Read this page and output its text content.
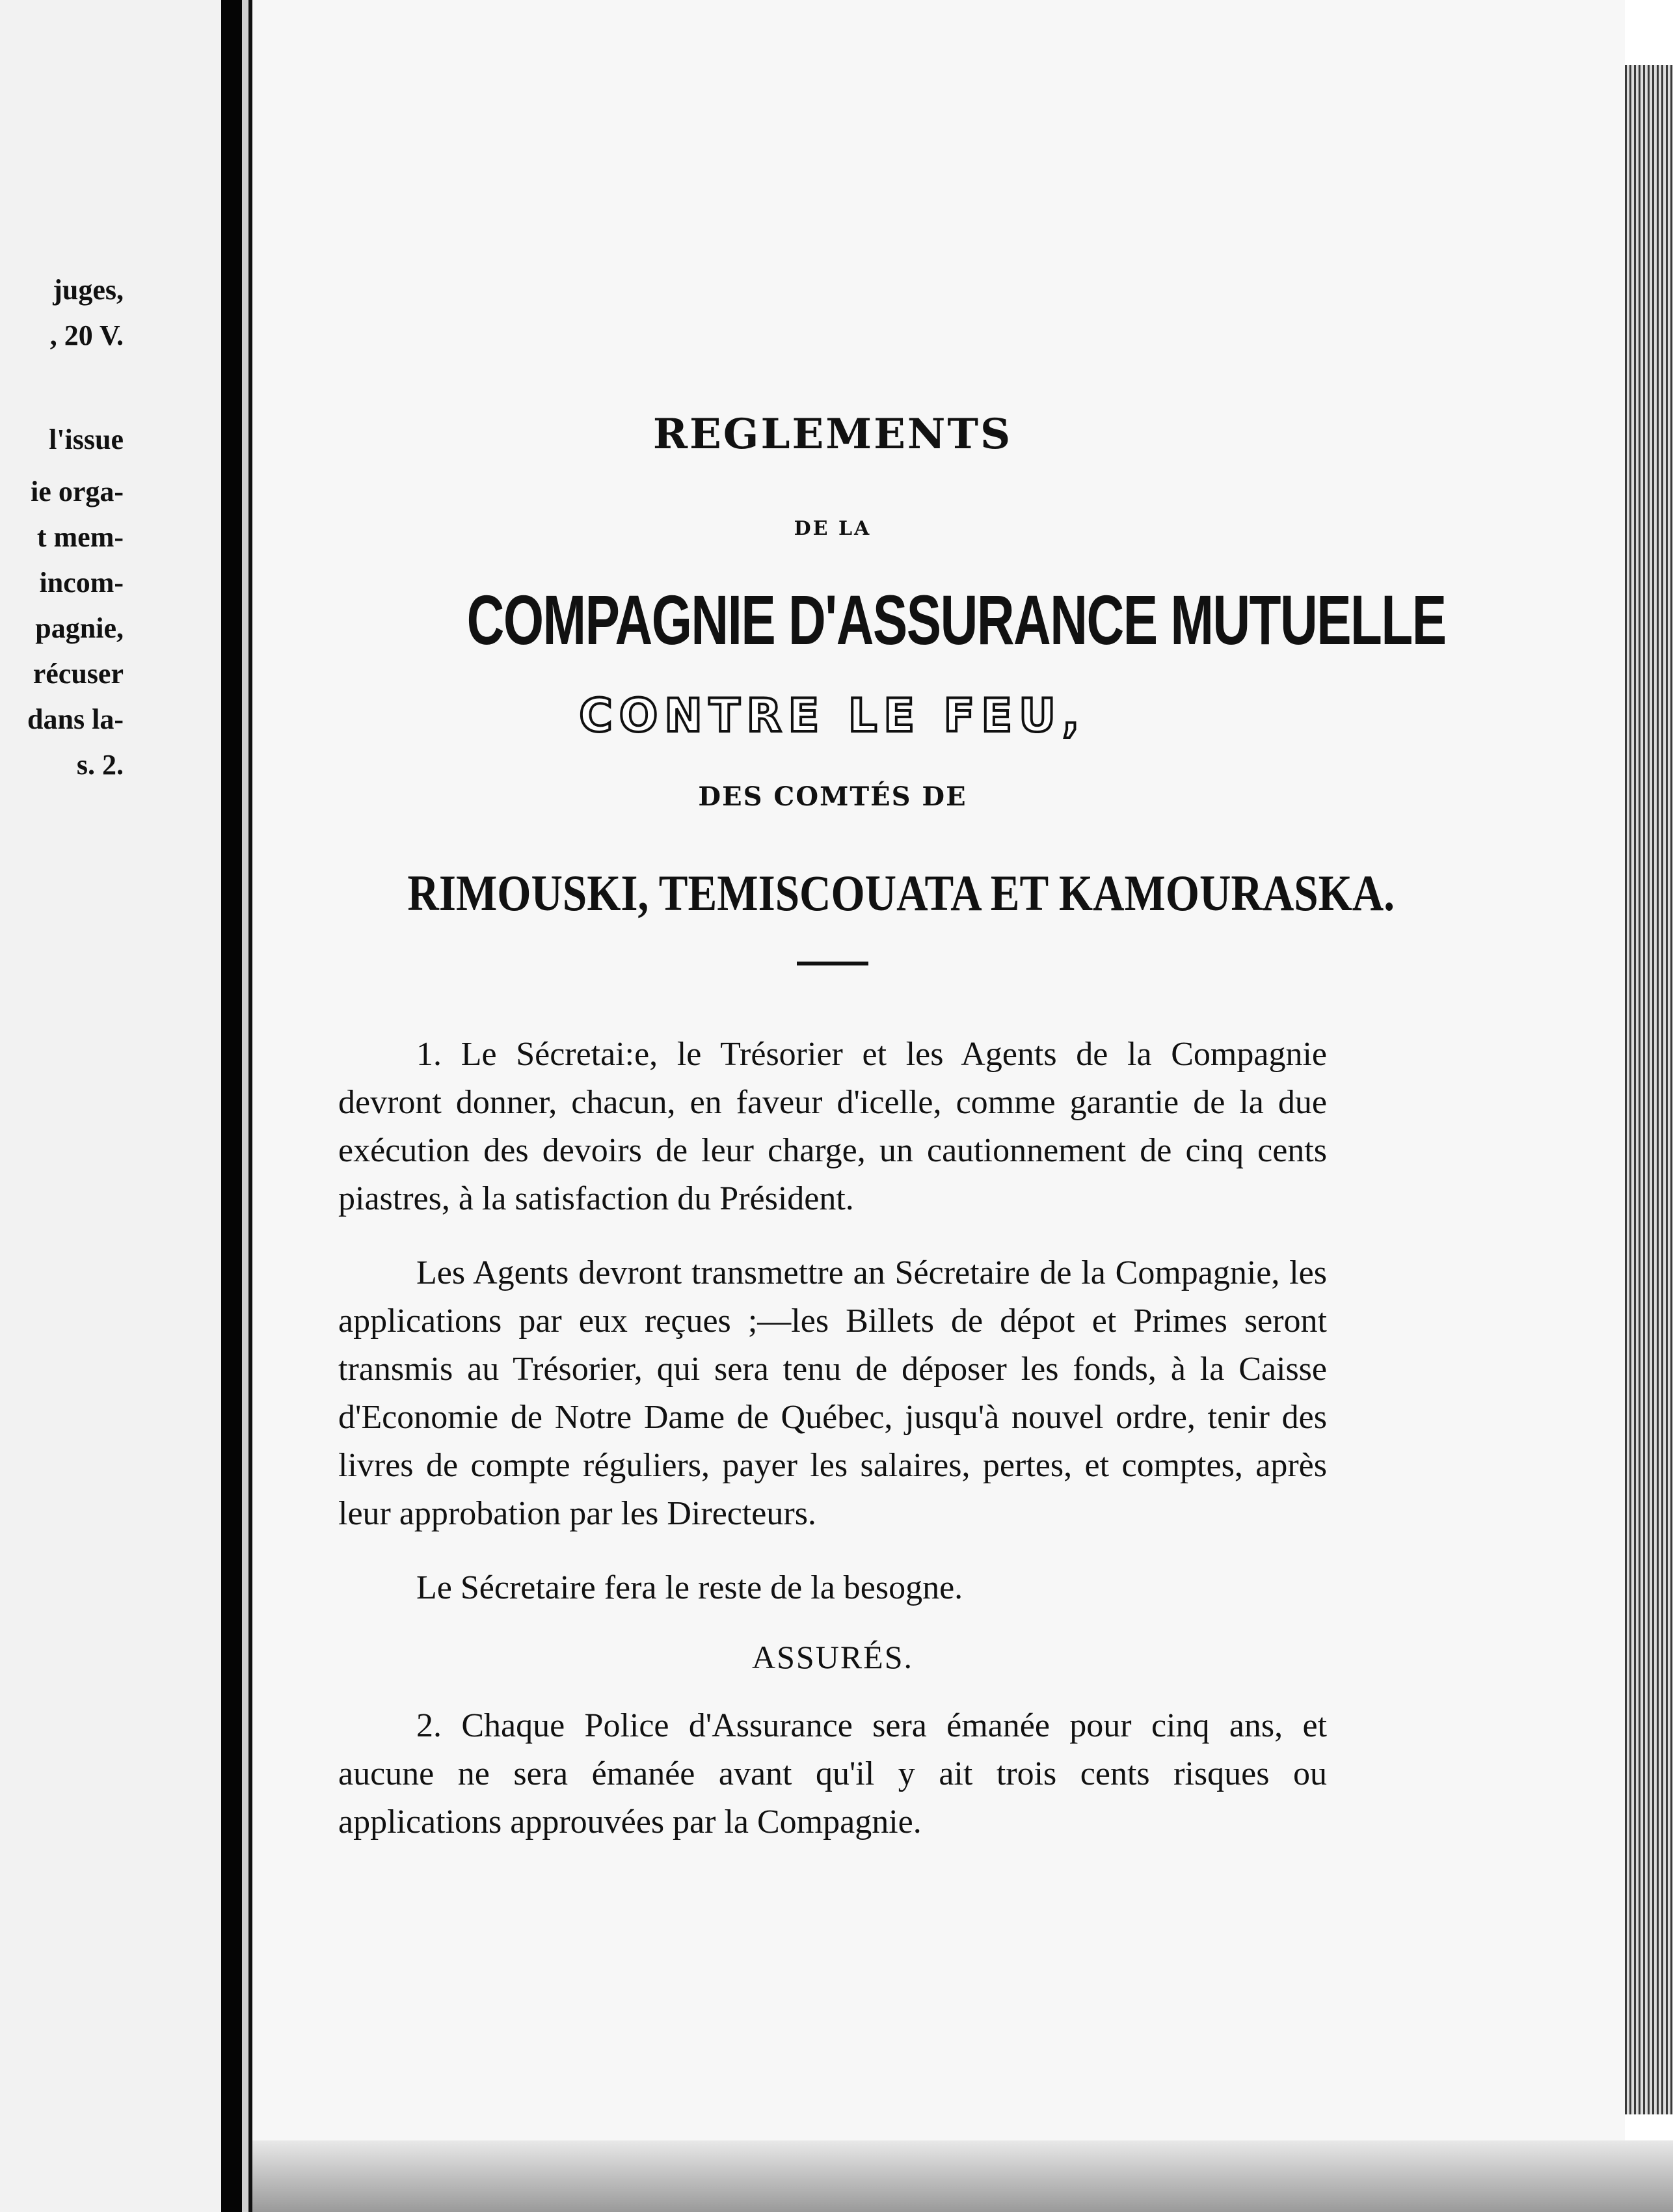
juges,
, 20 V.
l'issue
ie orga-
t mem-
incom-
pagnie,
récuser
dans la-
s. 2.
REGLEMENTS
DE LA
COMPAGNIE D'ASSURANCE MUTUELLE
CONTRE LE FEU,
DES COMTÉS DE
RIMOUSKI, TEMISCOUATA ET KAMOURASKA.

1. Le Sécretai:e, le Trésorier et les Agents de la Compagnie devront donner, chacun, en faveur d'icelle, comme garantie de la due exécution des devoirs de leur charge, un cautionnement de cinq cents piastres, à la satisfaction du Président.

Les Agents devront transmettre an Sécretaire de la Compagnie, les applications par eux reçues ;—les Billets de dépot et Primes seront transmis au Trésorier, qui sera tenu de déposer les fonds, à la Caisse d'Economie de Notre Dame de Québec, jusqu'à nouvel ordre, tenir des livres de compte réguliers, payer les salaires, pertes, et comptes, après leur approbation par les Directeurs.

Le Sécretaire fera le reste de la besogne.

ASSURÉS.

2. Chaque Police d'Assurance sera émanée pour cinq ans, et aucune ne sera émanée avant qu'il y ait trois cents risques ou applications approuvées par la Compagnie.
